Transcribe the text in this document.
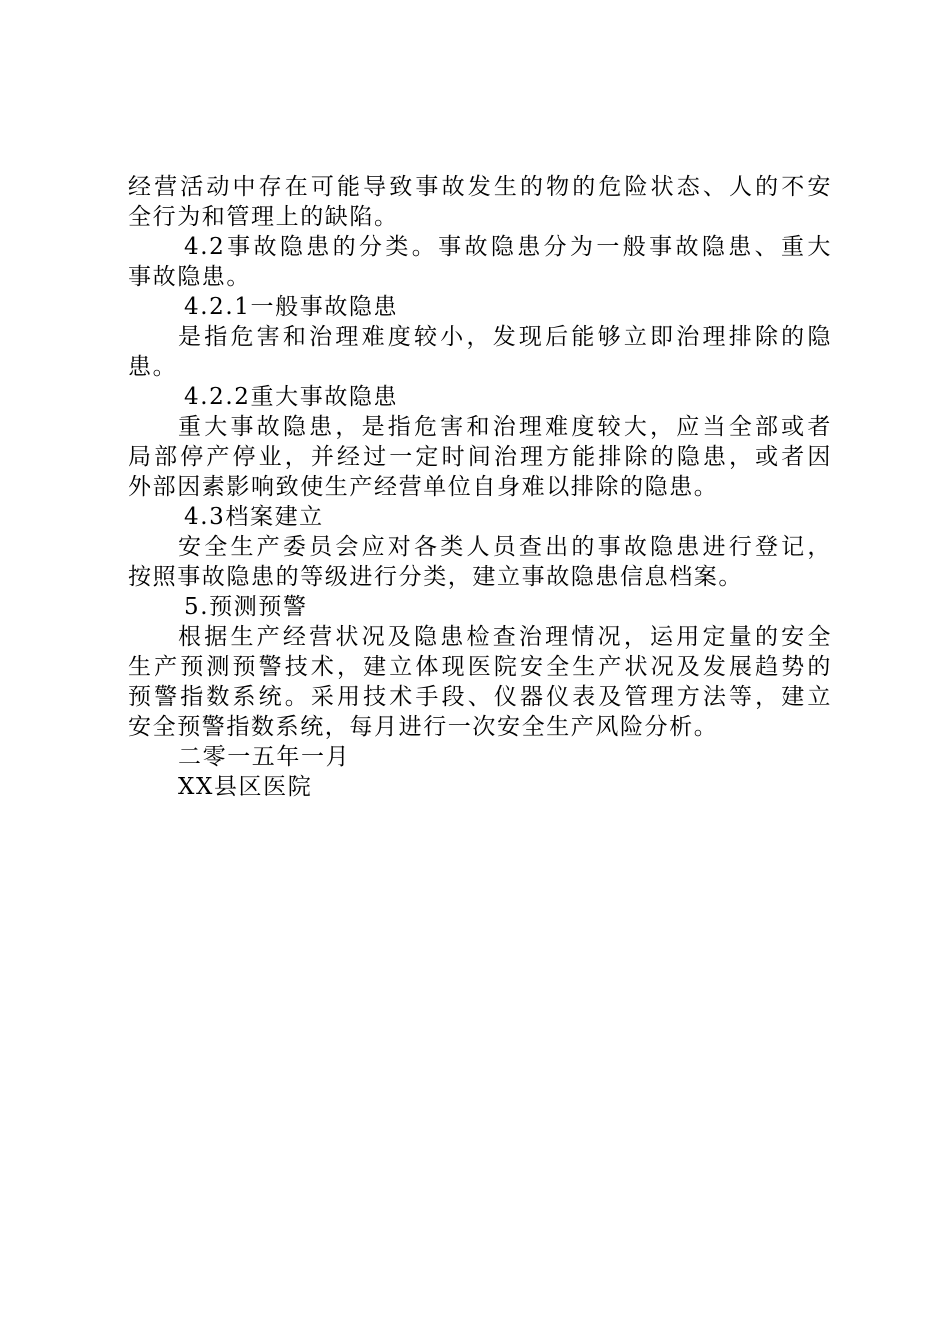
经营活动中存在可能导致事故发生的物的危险状态、人的不安
全行为和管理上的缺陷。
4.2事故隐患的分类。事故隐患分为一般事故隐患、重大
事故隐患。
4.2.1一般事故隐患
是指危害和治理难度较小，发现后能够立即治理排除的隐
患。
4.2.2重大事故隐患
重大事故隐患，是指危害和治理难度较大，应当全部或者
局部停产停业，并经过一定时间治理方能排除的隐患，或者因
外部因素影响致使生产经营单位自身难以排除的隐患。
4.3档案建立
安全生产委员会应对各类人员查出的事故隐患进行登记，
按照事故隐患的等级进行分类，建立事故隐患信息档案。
5.预测预警
根据生产经营状况及隐患检查治理情况，运用定量的安全
生产预测预警技术，建立体现医院安全生产状况及发展趋势的
预警指数系统。采用技术手段、仪器仪表及管理方法等，建立
安全预警指数系统，每月进行一次安全生产风险分析。
二零一五年一月
XX县区医院
